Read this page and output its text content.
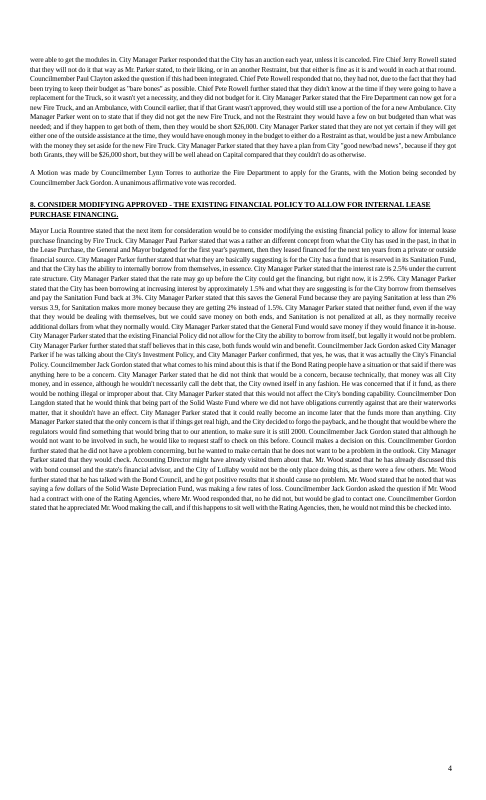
were able to get the modules in. City Manager Parker responded that the City has an auction each year, unless it is canceled. Fire Chief Jerry Rowell stated that they will not do it that way as Mr. Parker stated, to their liking, or in an another Restraint, but that either is fine as it is and would in each at that round. Councilmember Paul Clayton asked the question if this had been integrated. Chief Pete Rowell responded that no, they had not, due to the fact that they had been trying to keep their budget as "bare bones" as possible. Chief Pete Rowell further stated that they didn't know at the time if they were going to have a replacement for the Truck, so it wasn't yet a necessity, and they did not budget for it. City Manager Parker stated that the Fire Department can now get for a new Fire Truck, and an Ambulance, with Council earlier, that if that Grant wasn't approved, they would still use a portion of the for a new Ambulance. City Manager Parker went on to state that if they did not get the new Fire Truck, and not the Restraint they would have a few on but budgeted than what was needed; and if they happen to get both of them, then they would be short $26,000. City Manager Parker stated that they are not yet certain if they will get either one of the outside assistance at the time, they would have enough money in the budget to either do a Restraint as that, would be just a new Ambulance with the money they set aside for the new Fire Truck. City Manager Parker stated that they have a plan from City "good new/bad news", because if they got both Grants, they will be $26,000 short, but they will be well ahead on Capital compared that they couldn't do as otherwise.

A Motion was made by Councilmember Lynn Torres to authorize the Fire Department to apply for the Grants, with the Motion being seconded by Councilmember Jack Gordon. A unanimous affirmative vote was recorded.

8. CONSIDER MODIFYING APPROVED - THE EXISTING FINANCIAL POLICY TO ALLOW FOR INTERNAL LEASE PURCHASE FINANCING.

Mayor Lucia Rountree stated that the next item for consideration would be to consider modifying the existing financial policy to allow for internal lease purchase financing by Fire Truck. City Manager Paul Parker stated that was a rather an different concept from what the City has used in the past, in that in the Lease Purchase, the General and Mayor budgeted for the first year's payment, then they leased financed for the next ten years from a private or outside financial source. City Manager Parker further stated that what they are basically suggesting is for the City has a fund that is reserved in its Sanitation Fund, and that the City has the ability to internally borrow from themselves, in essence. City Manager Parker stated that the interest rate is 2.5% under the current rate structure. City Manager Parker stated that the rate may go up before the City could get the financing, but right now, it is 2.9%. City Manager Parker stated that the City has been borrowing at increasing interest by approximately 1.5% and what they are suggesting is for the City borrow from themselves and pay the Sanitation Fund back at 3%. City Manager Parker stated that this saves the General Fund because they are paying Sanitation at less than 2% versus 3.9, for Sanitation makes more money because they are getting 2% instead of 1.5%. City Manager Parker stated that neither fund, even if the way that they would be dealing with themselves, but we could save money on both ends, and Sanitation is not penalized at all, as they normally receive additional dollars from what they normally would. City Manager Parker stated that the General Fund would save money if they would finance it in-house. City Manager Parker stated that the existing Financial Policy did not allow for the City the ability to borrow from itself, but legally it would not be problem. City Manager Parker further stated that staff believes that in this case, both funds would win and benefit. Councilmember Jack Gordon asked City Manager Parker if he was talking about the City's Investment Policy, and City Manager Parker confirmed, that yes, he was, that it was actually the City's Financial Policy. Councilmember Jack Gordon stated that what comes to his mind about this is that if the Bond Rating people have a situation or that said if there was anything here to be a concern. City Manager Parker stated that he did not think that would be a concern, because technically, that money was all City money, and in essence, although he wouldn't necessarily call the debt that, the City owned itself in any fashion. He was concerned that if it fund, as there would be nothing illegal or improper about that. City Manager Parker stated that this would not affect the City's bonding capability. Councilmember Don Langdon stated that he would think that being part of the Solid Waste Fund where we did not have obligations currently against that are their waterworks matter, that it shouldn't have an effect. City Manager Parker stated that it could really become an income later that the funds more than anything. City Manager Parker stated that the only concern is that if things get real high, and the City decided to forgo the payback, and he thought that would be where the regulators would find something that would bring that to our attention, to make sure it is still 2000. Councilmember Jack Gordon stated that although he would not want to be involved in such, he would like to request staff to check on this before. Council makes a decision on this. Councilmember Gordon further stated that he did not have a problem concerning, but he wanted to make certain that he does not want to be a problem in the outlook. City Manager Parker stated that they would check. Accounting Director might have already visited them about that. Mr. Wood stated that he has already discussed this with bond counsel and the state's financial advisor, and the City of Lullaby would not be the only place doing this, as there were a few others. Mr. Wood further stated that he has talked with the Bond Council, and he got positive results that it should cause no problem. Mr. Wood stated that he noted that was saying a few dollars of the Solid Waste Depreciation Fund, was making a few rates of loss. Councilmember Jack Gordon asked the question if Mr. Wood had a contract with one of the Rating Agencies, where Mr. Wood responded that, no he did not, but would be glad to contact one. Councilmember Gordon stated that he appreciated Mr. Wood making the call, and if this happens to sit well with the Rating Agencies, then, he would not mind this be checked into.

4
